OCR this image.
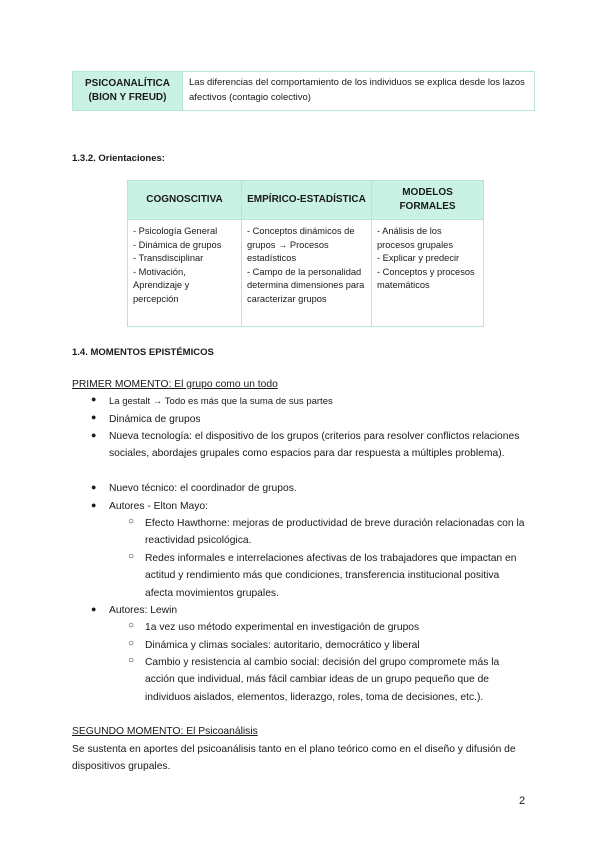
PSICOANALÍTICA (BION Y FREUD)
Las diferencias del comportamiento de los individuos se explica desde los lazos afectivos (contagio colectivo)
1.3.2. Orientaciones:
COGNOSCITIVA
- Psicología General
- Dinámica de grupos
- Transdisciplinar
- Motivación, Aprendizaje y percepción
EMPÍRICO-ESTADÍSTICA
- Conceptos dinámicos de grupos → Procesos estadísticos
- Campo de la personalidad determina dimensiones para caracterizar grupos
MODELOS FORMALES
- Análisis de los procesos grupales
- Explicar y predecir
- Conceptos y procesos matemáticos
1.4. MOMENTOS EPISTÉMICOS
PRIMER MOMENTO: El grupo como un todo
● La gestalt → Todo es más que la suma de sus partes
● Dinámica de grupos
● Nueva tecnología: el dispositivo de los grupos (criterios para resolver conflictos relaciones sociales, abordajes grupales como espacios para dar respuesta a múltiples problema).
● Nuevo técnico: el coordinador de grupos.
● Autores - Elton Mayo:
○ Efecto Hawthorne: mejoras de productividad de breve duración relacionadas con la reactividad psicológica.
○ Redes informales e interrelaciones afectivas de los trabajadores que impactan en actitud y rendimiento más que condiciones, transferencia institucional positiva afecta movimientos grupales.
● Autores: Lewin
○ 1a vez uso método experimental en investigación de grupos
○ Dinámica y climas sociales: autoritario, democrático y liberal
○ Cambio y resistencia al cambio social: decisión del grupo compromete más la acción que individual, más fácil cambiar ideas de un grupo pequeño que de individuos aislados, elementos, liderazgo, roles, toma de decisiones, etc.).
SEGUNDO MOMENTO: El Psicoanálisis
Se sustenta en aportes del psicoanálisis tanto en el plano teórico como en el diseño y difusión de dispositivos grupales.
2
